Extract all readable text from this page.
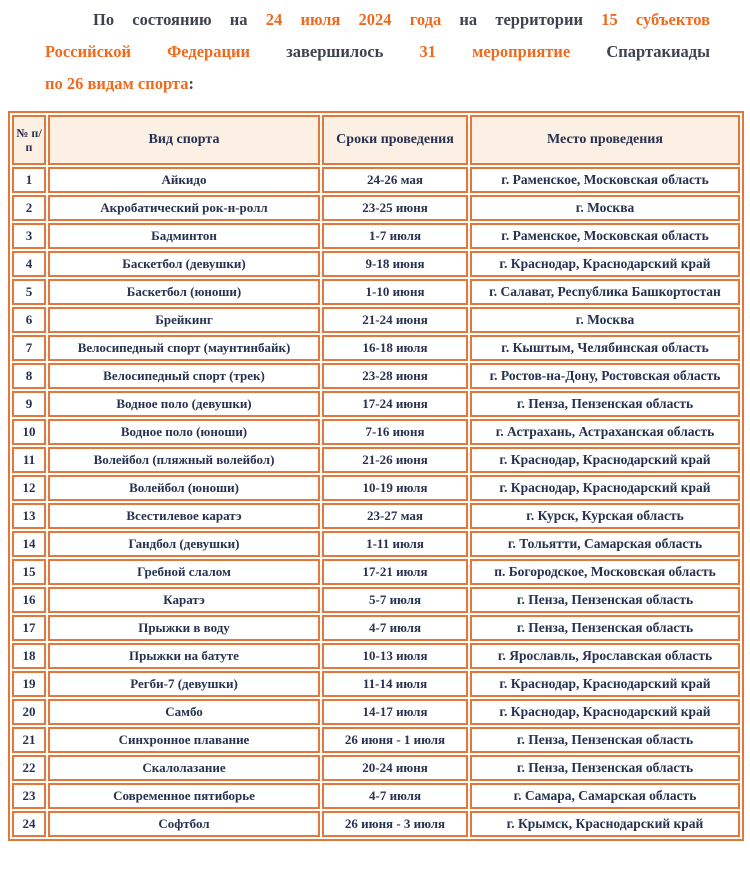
По состоянию на 24 июля 2024 года на территории 15 субъектов
Российской Федерации завершилось 31 мероприятие Спартакиады
по 26 видам спорта:
№ п/п	Вид спорта	Сроки проведения	Место проведения
1	Айкидо	24-26 мая	г. Раменское, Московская область
2	Акробатический рок-н-ролл	23-25 июня	г. Москва
3	Бадминтон	1-7 июля	г. Раменское, Московская область
4	Баскетбол (девушки)	9-18 июня	г. Краснодар, Краснодарский край
5	Баскетбол (юноши)	1-10 июня	г. Салават, Республика Башкортостан
6	Брейкинг	21-24 июня	г. Москва
7	Велосипедный спорт (маунтинбайк)	16-18 июля	г. Кыштым, Челябинская область
8	Велосипедный спорт (трек)	23-28 июня	г. Ростов-на-Дону, Ростовская область
9	Водное поло (девушки)	17-24 июня	г. Пенза, Пензенская область
10	Водное поло (юноши)	7-16 июня	г. Астрахань, Астраханская область
11	Волейбол (пляжный волейбол)	21-26 июня	г. Краснодар, Краснодарский край
12	Волейбол (юноши)	10-19 июля	г. Краснодар, Краснодарский край
13	Всестилевое каратэ	23-27 мая	г. Курск, Курская область
14	Гандбол (девушки)	1-11 июля	г. Тольятти, Самарская область
15	Гребной слалом	17-21 июля	п. Богородское, Московская область
16	Каратэ	5-7 июля	г. Пенза, Пензенская область
17	Прыжки в воду	4-7 июля	г. Пенза, Пензенская область
18	Прыжки на батуте	10-13 июля	г. Ярославль, Ярославская область
19	Регби-7 (девушки)	11-14 июля	г. Краснодар, Краснодарский край
20	Самбо	14-17 июля	г. Краснодар, Краснодарский край
21	Синхронное плавание	26 июня - 1 июля	г. Пенза, Пензенская область
22	Скалолазание	20-24 июня	г. Пенза, Пензенская область
23	Современное пятиборье	4-7 июля	г. Самара, Самарская область
24	Софтбол	26 июня - 3 июля	г. Крымск, Краснодарский край
